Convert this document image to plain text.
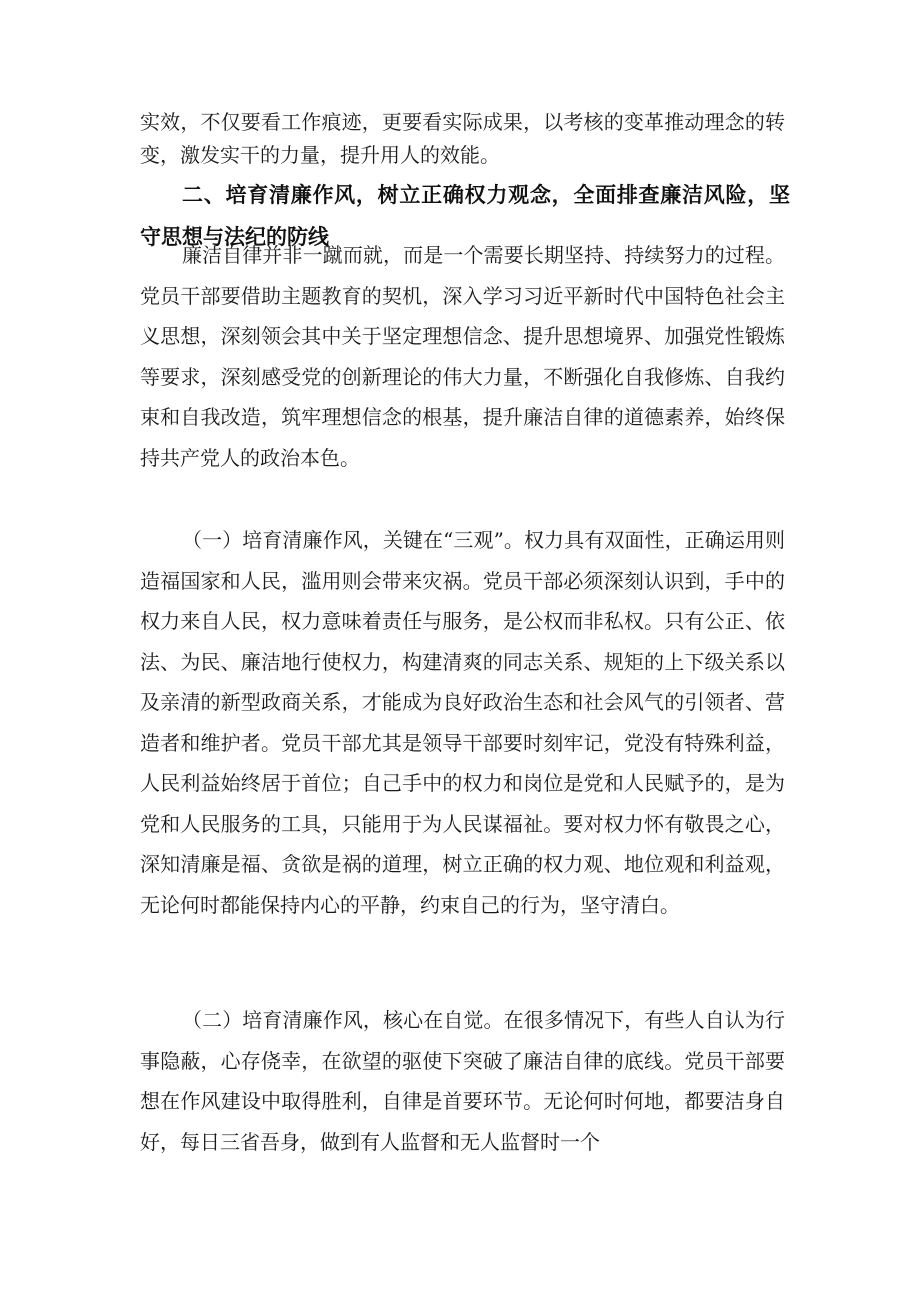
实效，不仅要看工作痕迹，更要看实际成果，以考核的变革推动理念的转变，激发实干的力量，提升用人的效能。

二、培育清廉作风，树立正确权力观念，全面排查廉洁风险，坚守思想与法纪的防线

廉洁自律并非一蹴而就，而是一个需要长期坚持、持续努力的过程。党员干部要借助主题教育的契机，深入学习习近平新时代中国特色社会主义思想，深刻领会其中关于坚定理想信念、提升思想境界、加强党性锻炼等要求，深刻感受党的创新理论的伟大力量，不断强化自我修炼、自我约束和自我改造，筑牢理想信念的根基，提升廉洁自律的道德素养，始终保持共产党人的政治本色。

（一）培育清廉作风，关键在“三观”。权力具有双面性，正确运用则造福国家和人民，滥用则会带来灾祸。党员干部必须深刻认识到，手中的权力来自人民，权力意味着责任与服务，是公权而非私权。只有公正、依法、为民、廉洁地行使权力，构建清爽的同志关系、规矩的上下级关系以及亲清的新型政商关系，才能成为良好政治生态和社会风气的引领者、营造者和维护者。党员干部尤其是领导干部要时刻牢记，党没有特殊利益，人民利益始终居于首位；自己手中的权力和岗位是党和人民赋予的，是为党和人民服务的工具，只能用于为人民谋福祉。要对权力怀有敬畏之心，深知清廉是福、贪欲是祸的道理，树立正确的权力观、地位观和利益观，无论何时都能保持内心的平静，约束自己的行为，坚守清白。

（二）培育清廉作风，核心在自觉。在很多情况下，有些人自认为行事隐蔽，心存侥幸，在欲望的驱使下突破了廉洁自律的底线。党员干部要想在作风建设中取得胜利，自律是首要环节。无论何时何地，都要洁身自好，每日三省吾身，做到有人监督和无人监督时一个
